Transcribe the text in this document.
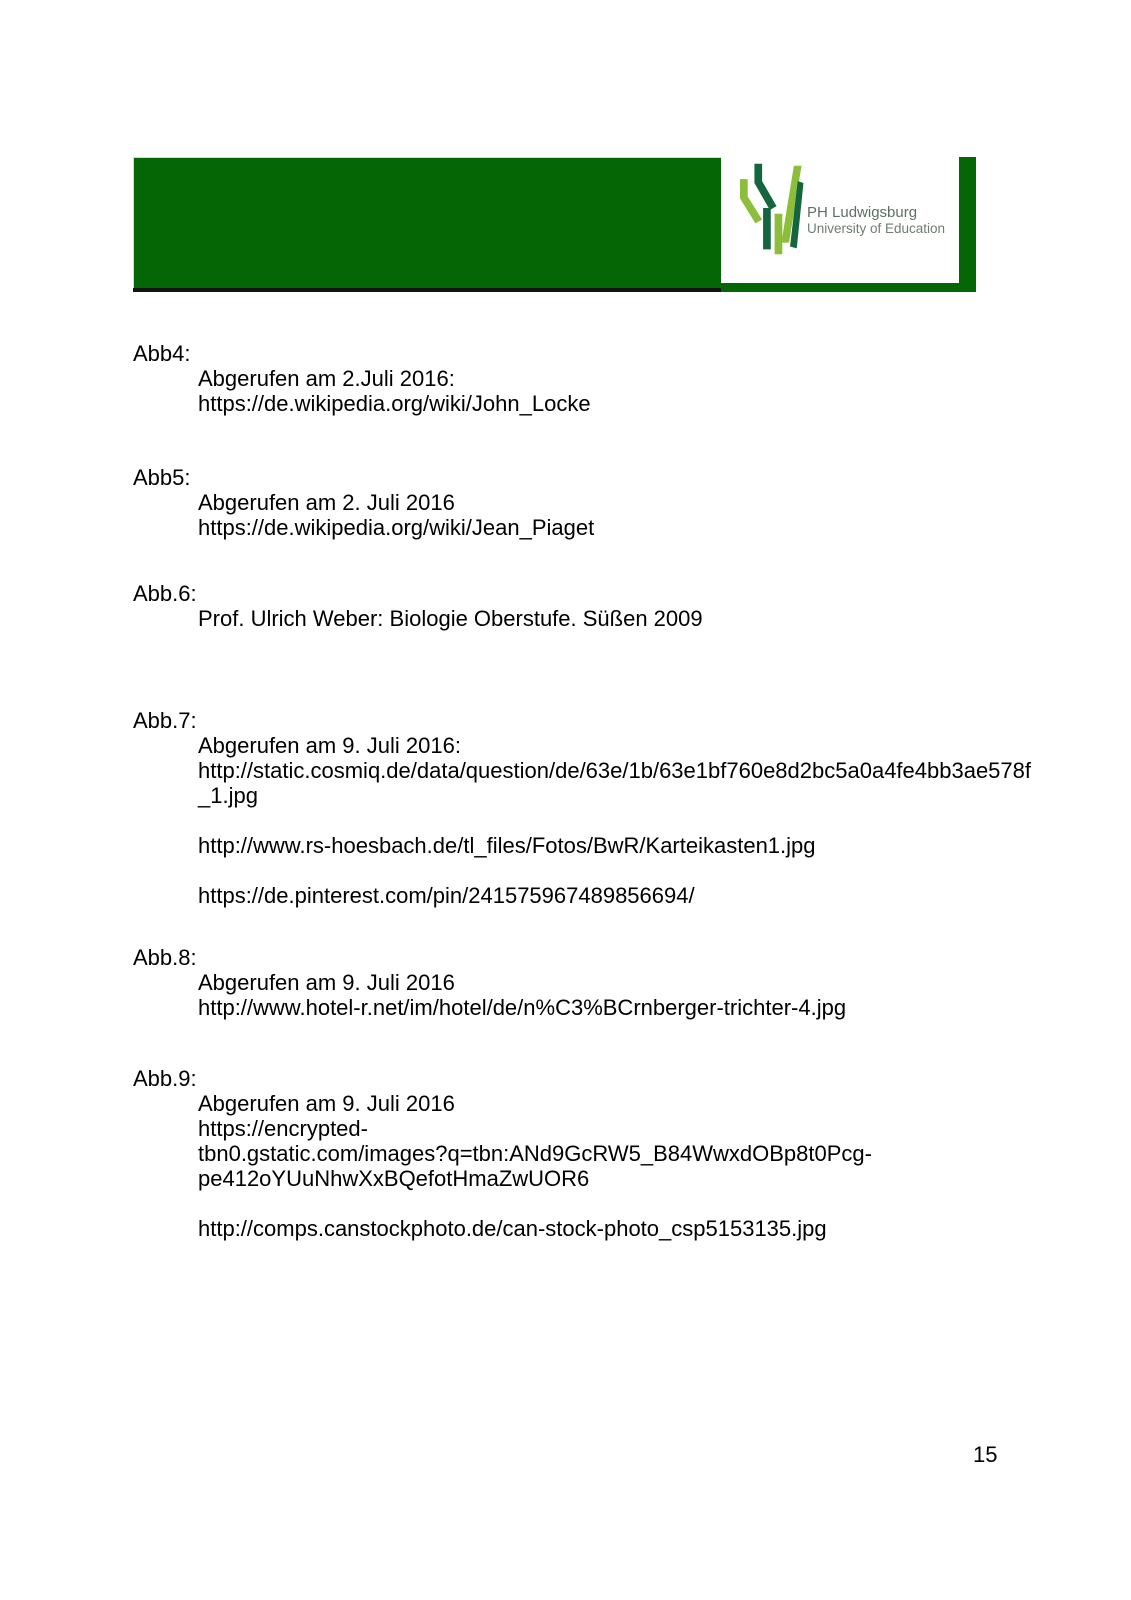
PH Ludwigsburg
University of Education
Abb4:
Abgerufen am 2.Juli 2016:
https://de.wikipedia.org/wiki/John_Locke
Abb5:
Abgerufen am 2. Juli 2016
https://de.wikipedia.org/wiki/Jean_Piaget
Abb.6:
Prof. Ulrich Weber: Biologie Oberstufe. Süßen 2009
Abb.7:
Abgerufen am 9. Juli 2016:
http://static.cosmiq.de/data/question/de/63e/1b/63e1bf760e8d2bc5a0a4fe4bb3ae578f
_1.jpg
http://www.rs-hoesbach.de/tl_files/Fotos/BwR/Karteikasten1.jpg
https://de.pinterest.com/pin/241575967489856694/
Abb.8:
Abgerufen am 9. Juli 2016
http://www.hotel-r.net/im/hotel/de/n%C3%BCrnberger-trichter-4.jpg
Abb.9:
Abgerufen am 9. Juli 2016
https://encrypted-
tbn0.gstatic.com/images?q=tbn:ANd9GcRW5_B84WwxdOBp8t0Pcg-
pe412oYUuNhwXxBQefotHmaZwUOR6
http://comps.canstockphoto.de/can-stock-photo_csp5153135.jpg
15
